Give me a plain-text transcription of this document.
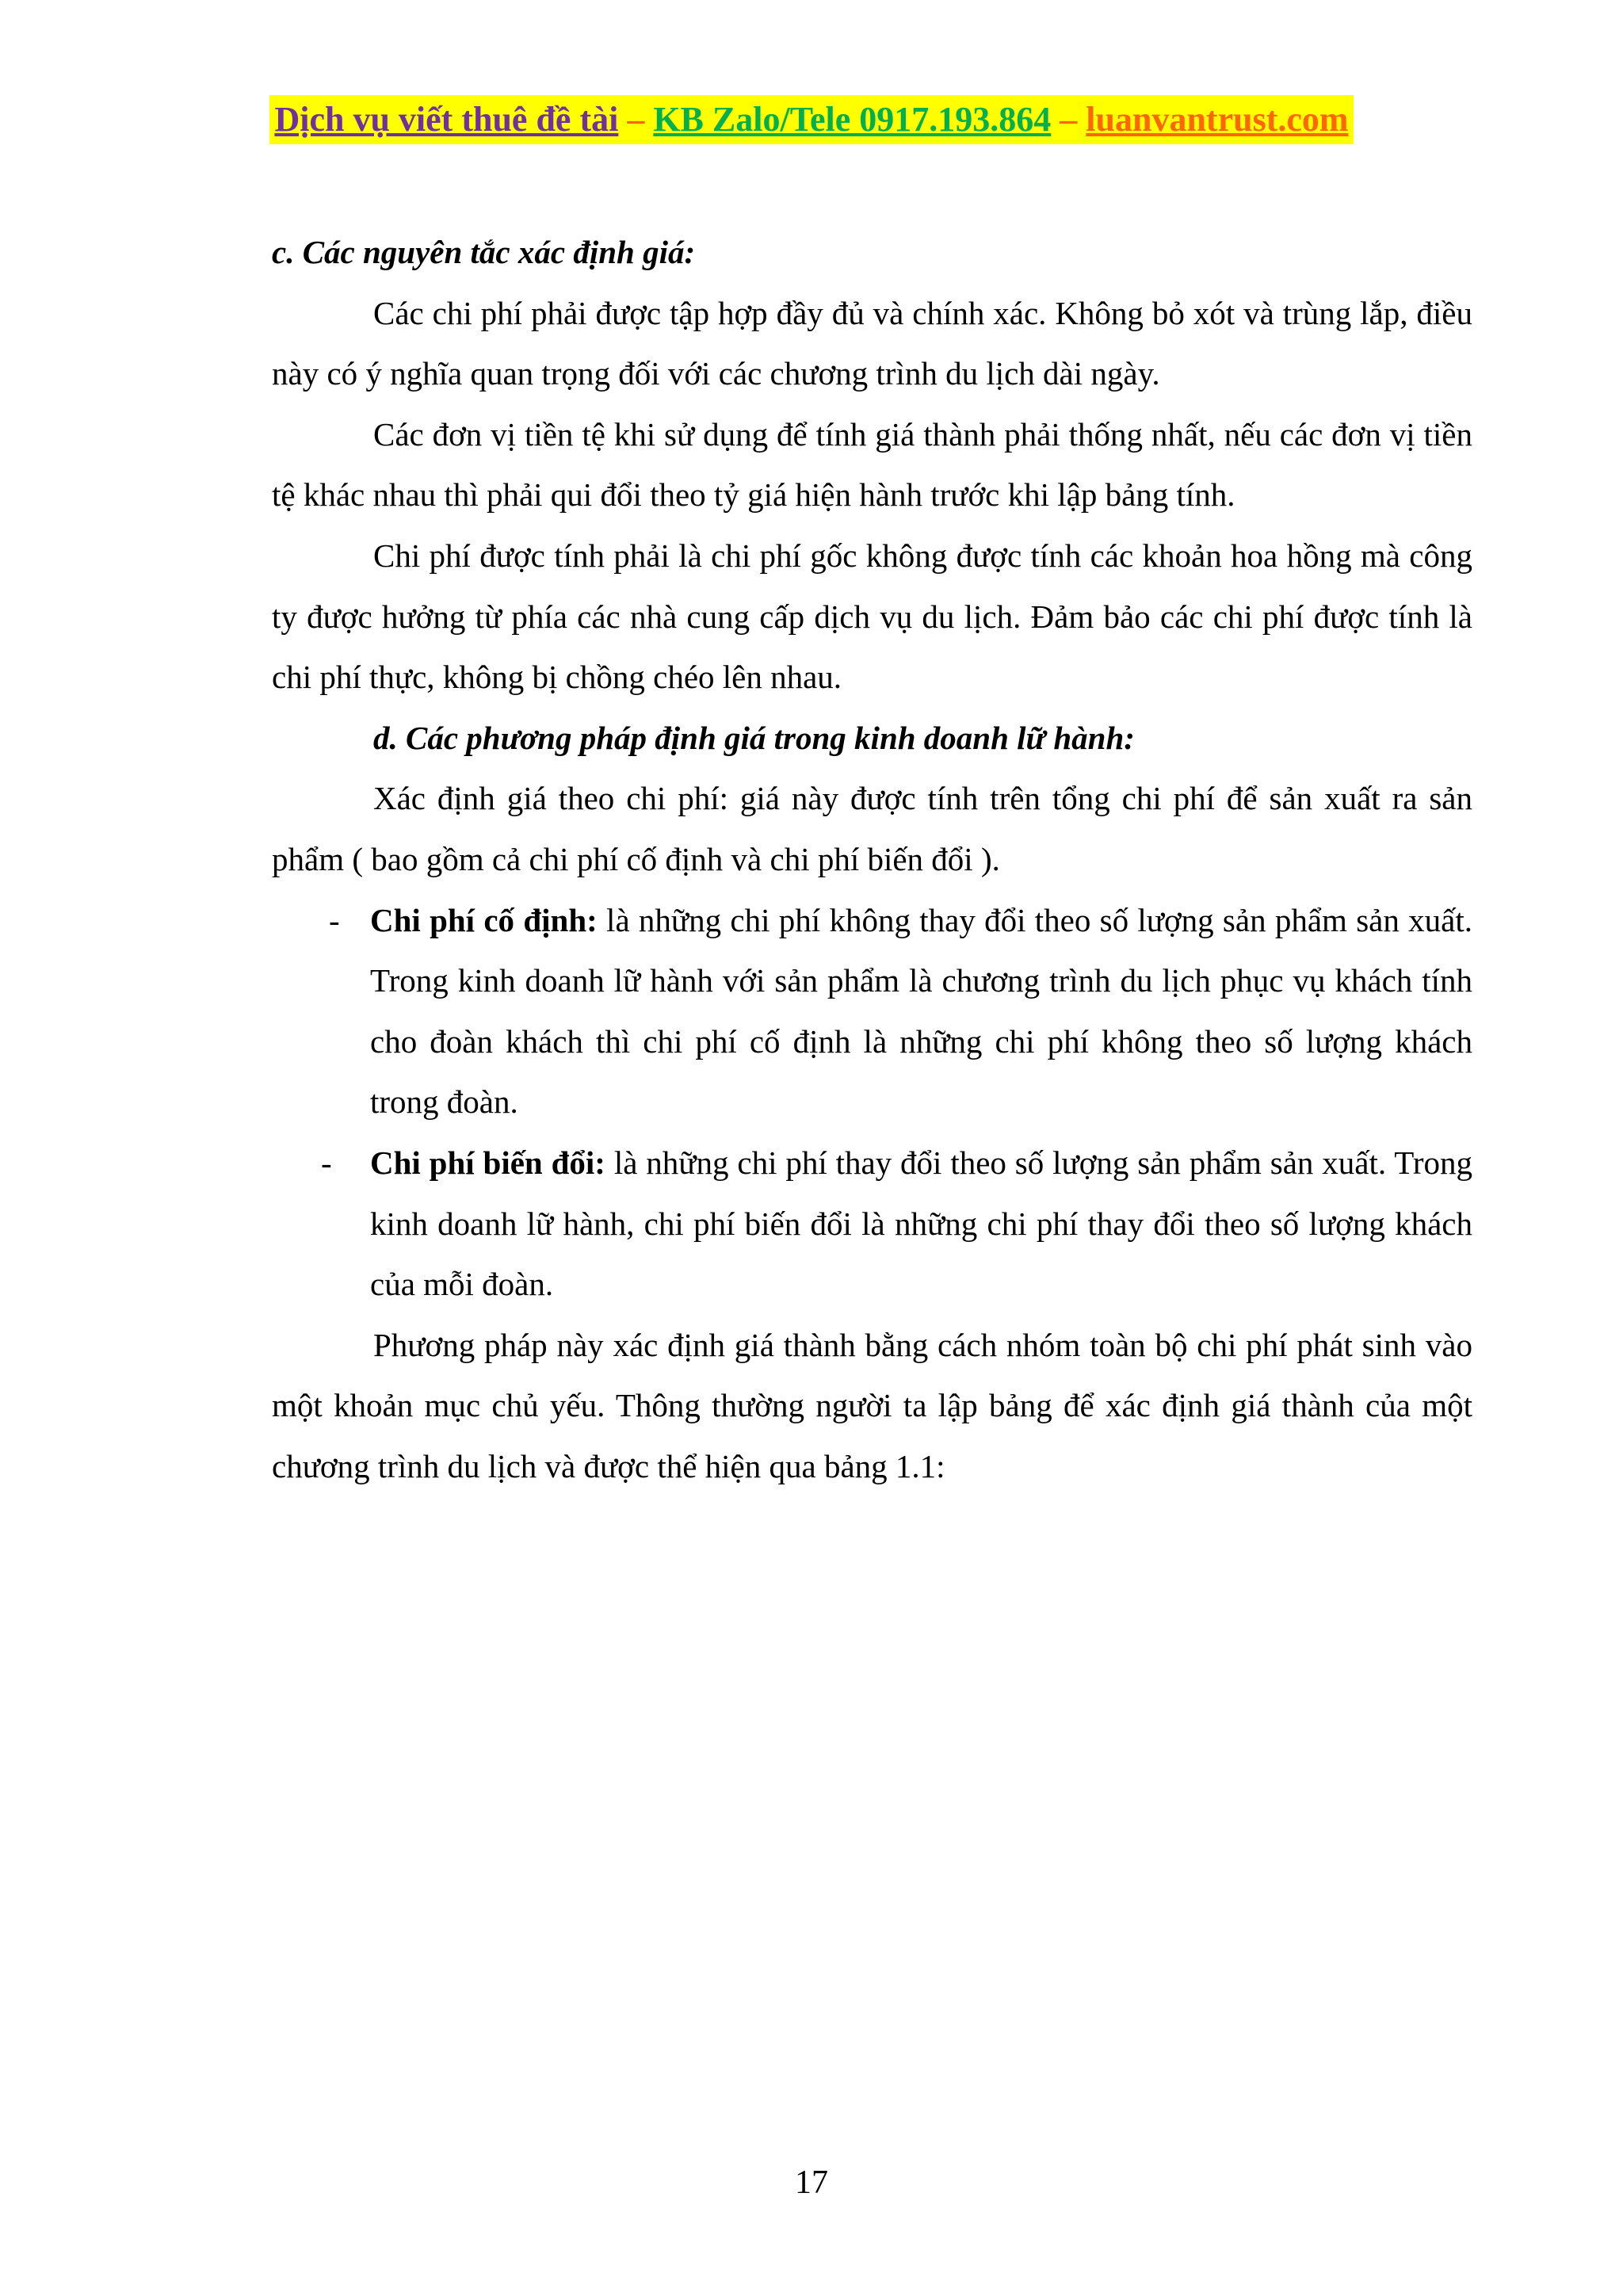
Dịch vụ viết thuê đề tài – KB Zalo/Tele 0917.193.864 – luanvantrust.com

c. Các nguyên tắc xác định giá:

Các chi phí phải được tập hợp đầy đủ và chính xác. Không bỏ xót và trùng lắp, điều này có ý nghĩa quan trọng đối với các chương trình du lịch dài ngày.

Các đơn vị tiền tệ khi sử dụng để tính giá thành phải thống nhất, nếu các đơn vị tiền tệ khác nhau thì phải qui đổi theo tỷ giá hiện hành trước khi lập bảng tính.

Chi phí được tính phải là chi phí gốc không được tính các khoản hoa hồng mà công ty được hưởng từ phía các nhà cung cấp dịch vụ du lịch. Đảm bảo các chi phí được tính là chi phí thực, không bị chồng chéo lên nhau.

d. Các phương pháp định giá trong kinh doanh lữ hành:

Xác định giá theo chi phí: giá này được tính trên tổng chi phí để sản xuất ra sản phẩm ( bao gồm cả chi phí cố định và chi phí biến đổi ).

- Chi phí cố định: là những chi phí không thay đổi theo số lượng sản phẩm sản xuất. Trong kinh doanh lữ hành với sản phẩm là chương trình du lịch phục vụ khách tính cho đoàn khách thì chi phí cố định là những chi phí không theo số lượng khách trong đoàn.

- Chi phí biến đổi: là những chi phí thay đổi theo số lượng sản phẩm sản xuất. Trong kinh doanh lữ hành, chi phí biến đổi là những chi phí thay đổi theo số lượng khách của mỗi đoàn.

Phương pháp này xác định giá thành bằng cách nhóm toàn bộ chi phí phát sinh vào một khoản mục chủ yếu. Thông thường người ta lập bảng để xác định giá thành của một chương trình du lịch và được thể hiện qua bảng 1.1:

17
